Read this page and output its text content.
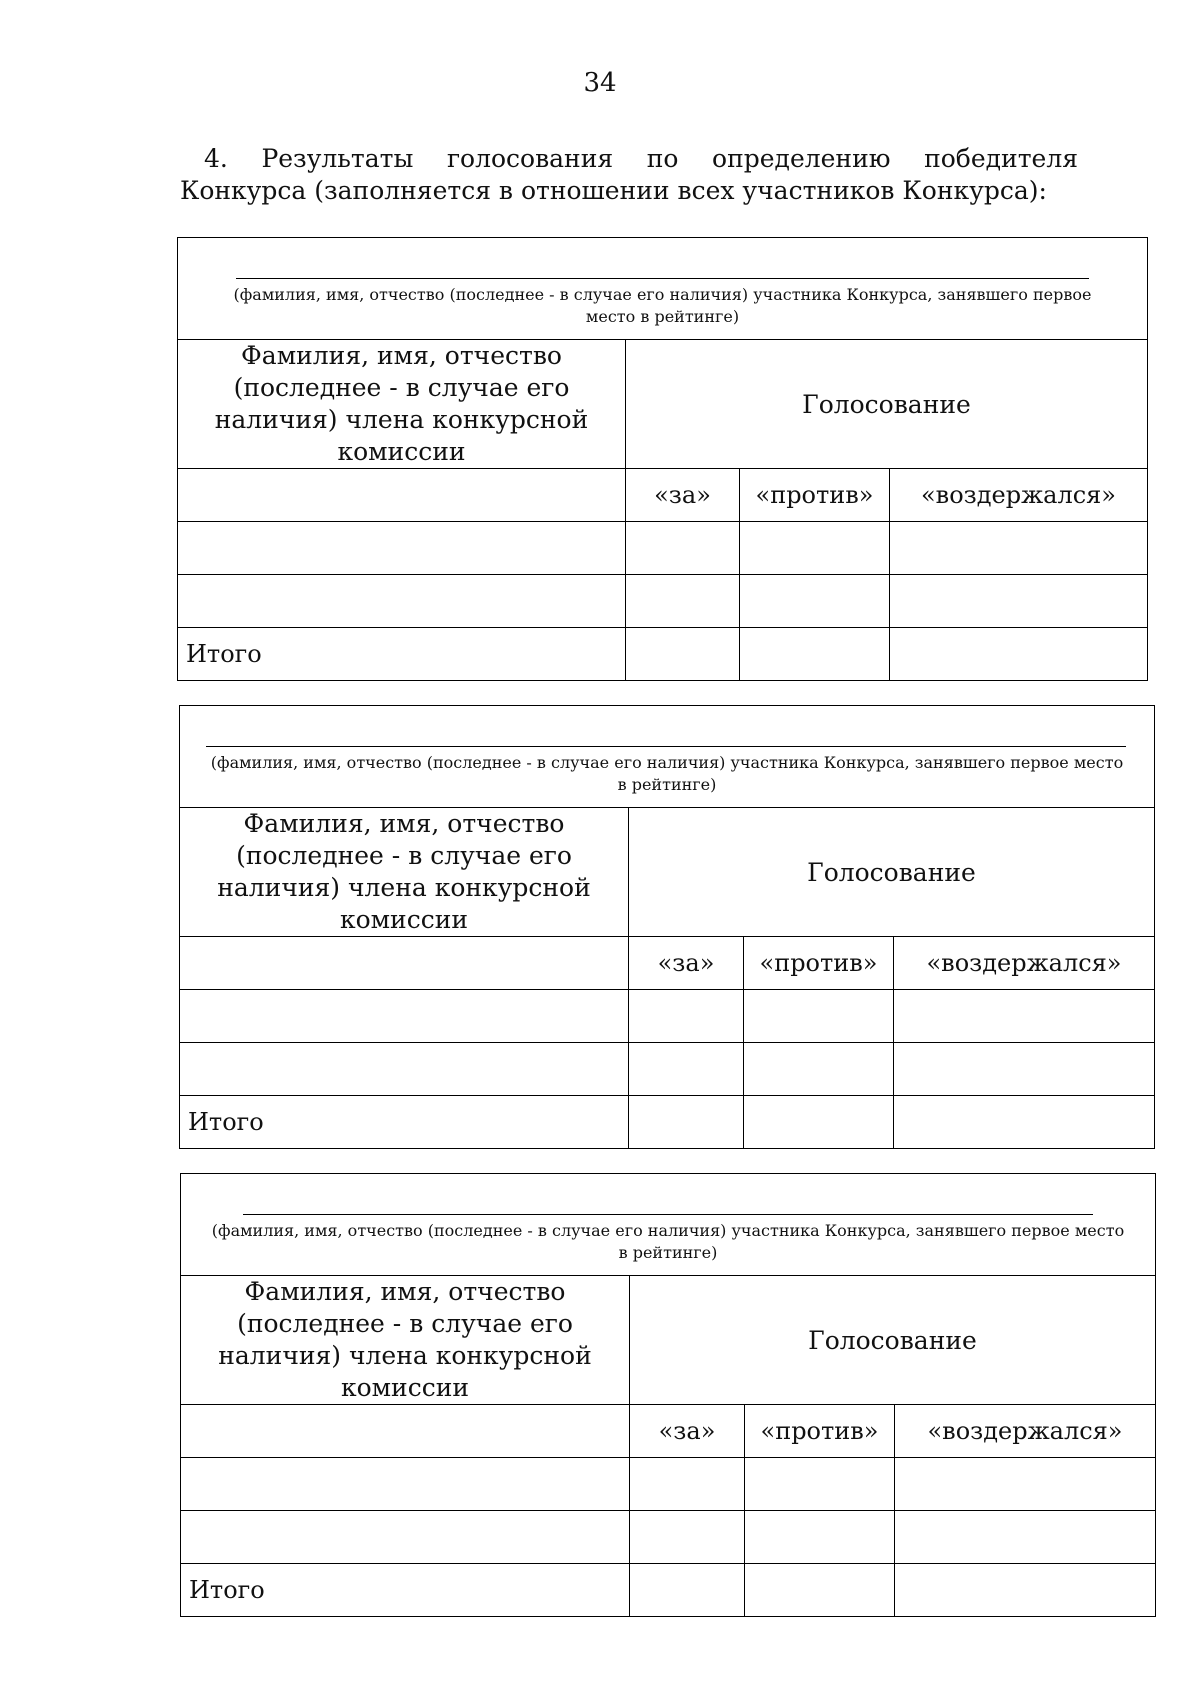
34
4. Результаты голосования по определению победителя Конкурса (заполняется в отношении всех участников Конкурса):
(фамилия, имя, отчество (последнее - в случае его наличия) участника Конкурса, занявшего первое место в рейтинге)			

Фамилия, имя, отчество (последнее - в случае его наличия) члена конкурсной комиссии	Голосование		
	«за»	«против»	«воздержался»

Итого			
(фамилия, имя, отчество (последнее - в случае его наличия) участника Конкурса, занявшего первое место в рейтинге)			

Фамилия, имя, отчество (последнее - в случае его наличия) члена конкурсной комиссии	Голосование		
	«за»	«против»	«воздержался»

Итого			
(фамилия, имя, отчество (последнее - в случае его наличия) участника Конкурса, занявшего первое место в рейтинге)			

Фамилия, имя, отчество (последнее - в случае его наличия) члена конкурсной комиссии	Голосование		
	«за»	«против»	«воздержался»

Итого			
